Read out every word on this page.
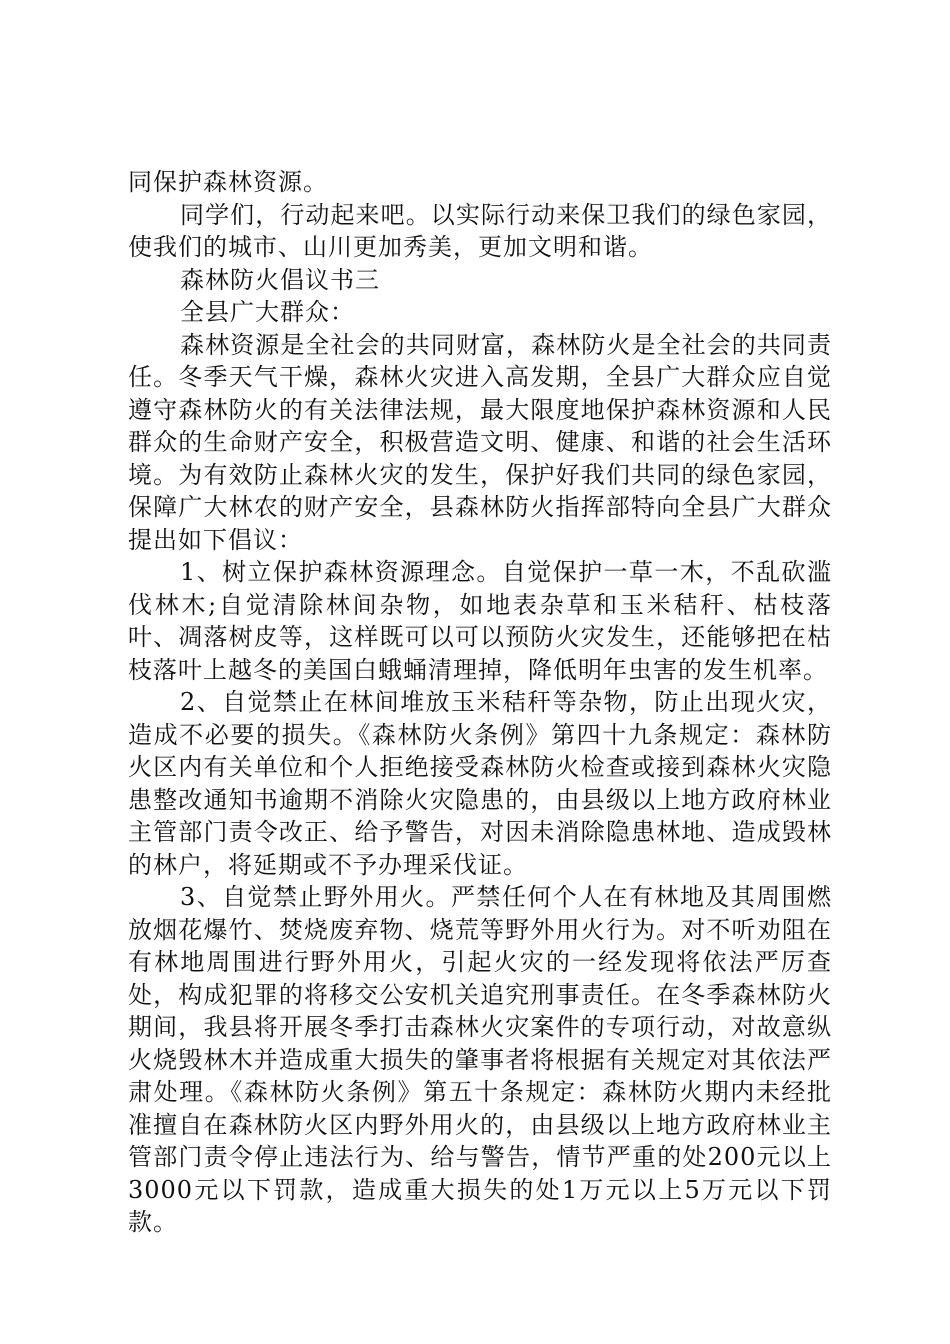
同保护森林资源。

同学们，行动起来吧。以实际行动来保卫我们的绿色家园，使我们的城市、山川更加秀美，更加文明和谐。

森林防火倡议书三

全县广大群众：

森林资源是全社会的共同财富，森林防火是全社会的共同责任。冬季天气干燥，森林火灾进入高发期，全县广大群众应自觉遵守森林防火的有关法律法规，最大限度地保护森林资源和人民群众的生命财产安全，积极营造文明、健康、和谐的社会生活环境。为有效防止森林火灾的发生，保护好我们共同的绿色家园，保障广大林农的财产安全，县森林防火指挥部特向全县广大群众提出如下倡议：

1、树立保护森林资源理念。自觉保护一草一木，不乱砍滥伐林木;自觉清除林间杂物，如地表杂草和玉米秸秆、枯枝落叶、凋落树皮等，这样既可以可以预防火灾发生，还能够把在枯枝落叶上越冬的美国白蛾蛹清理掉，降低明年虫害的发生机率。

2、自觉禁止在林间堆放玉米秸秆等杂物，防止出现火灾，造成不必要的损失。《森林防火条例》第四十九条规定：森林防火区内有关单位和个人拒绝接受森林防火检查或接到森林火灾隐患整改通知书逾期不消除火灾隐患的，由县级以上地方政府林业主管部门责令改正、给予警告，对因未消除隐患林地、造成毁林的林户，将延期或不予办理采伐证。

3、自觉禁止野外用火。严禁任何个人在有林地及其周围燃放烟花爆竹、焚烧废弃物、烧荒等野外用火行为。对不听劝阻在有林地周围进行野外用火，引起火灾的一经发现将依法严厉查处，构成犯罪的将移交公安机关追究刑事责任。在冬季森林防火期间，我县将开展冬季打击森林火灾案件的专项行动，对故意纵火烧毁林木并造成重大损失的肇事者将根据有关规定对其依法严肃处理。《森林防火条例》第五十条规定：森林防火期内未经批准擅自在森林防火区内野外用火的，由县级以上地方政府林业主管部门责令停止违法行为、给与警告，情节严重的处200元以上3000元以下罚款，造成重大损失的处1万元以上5万元以下罚款。
